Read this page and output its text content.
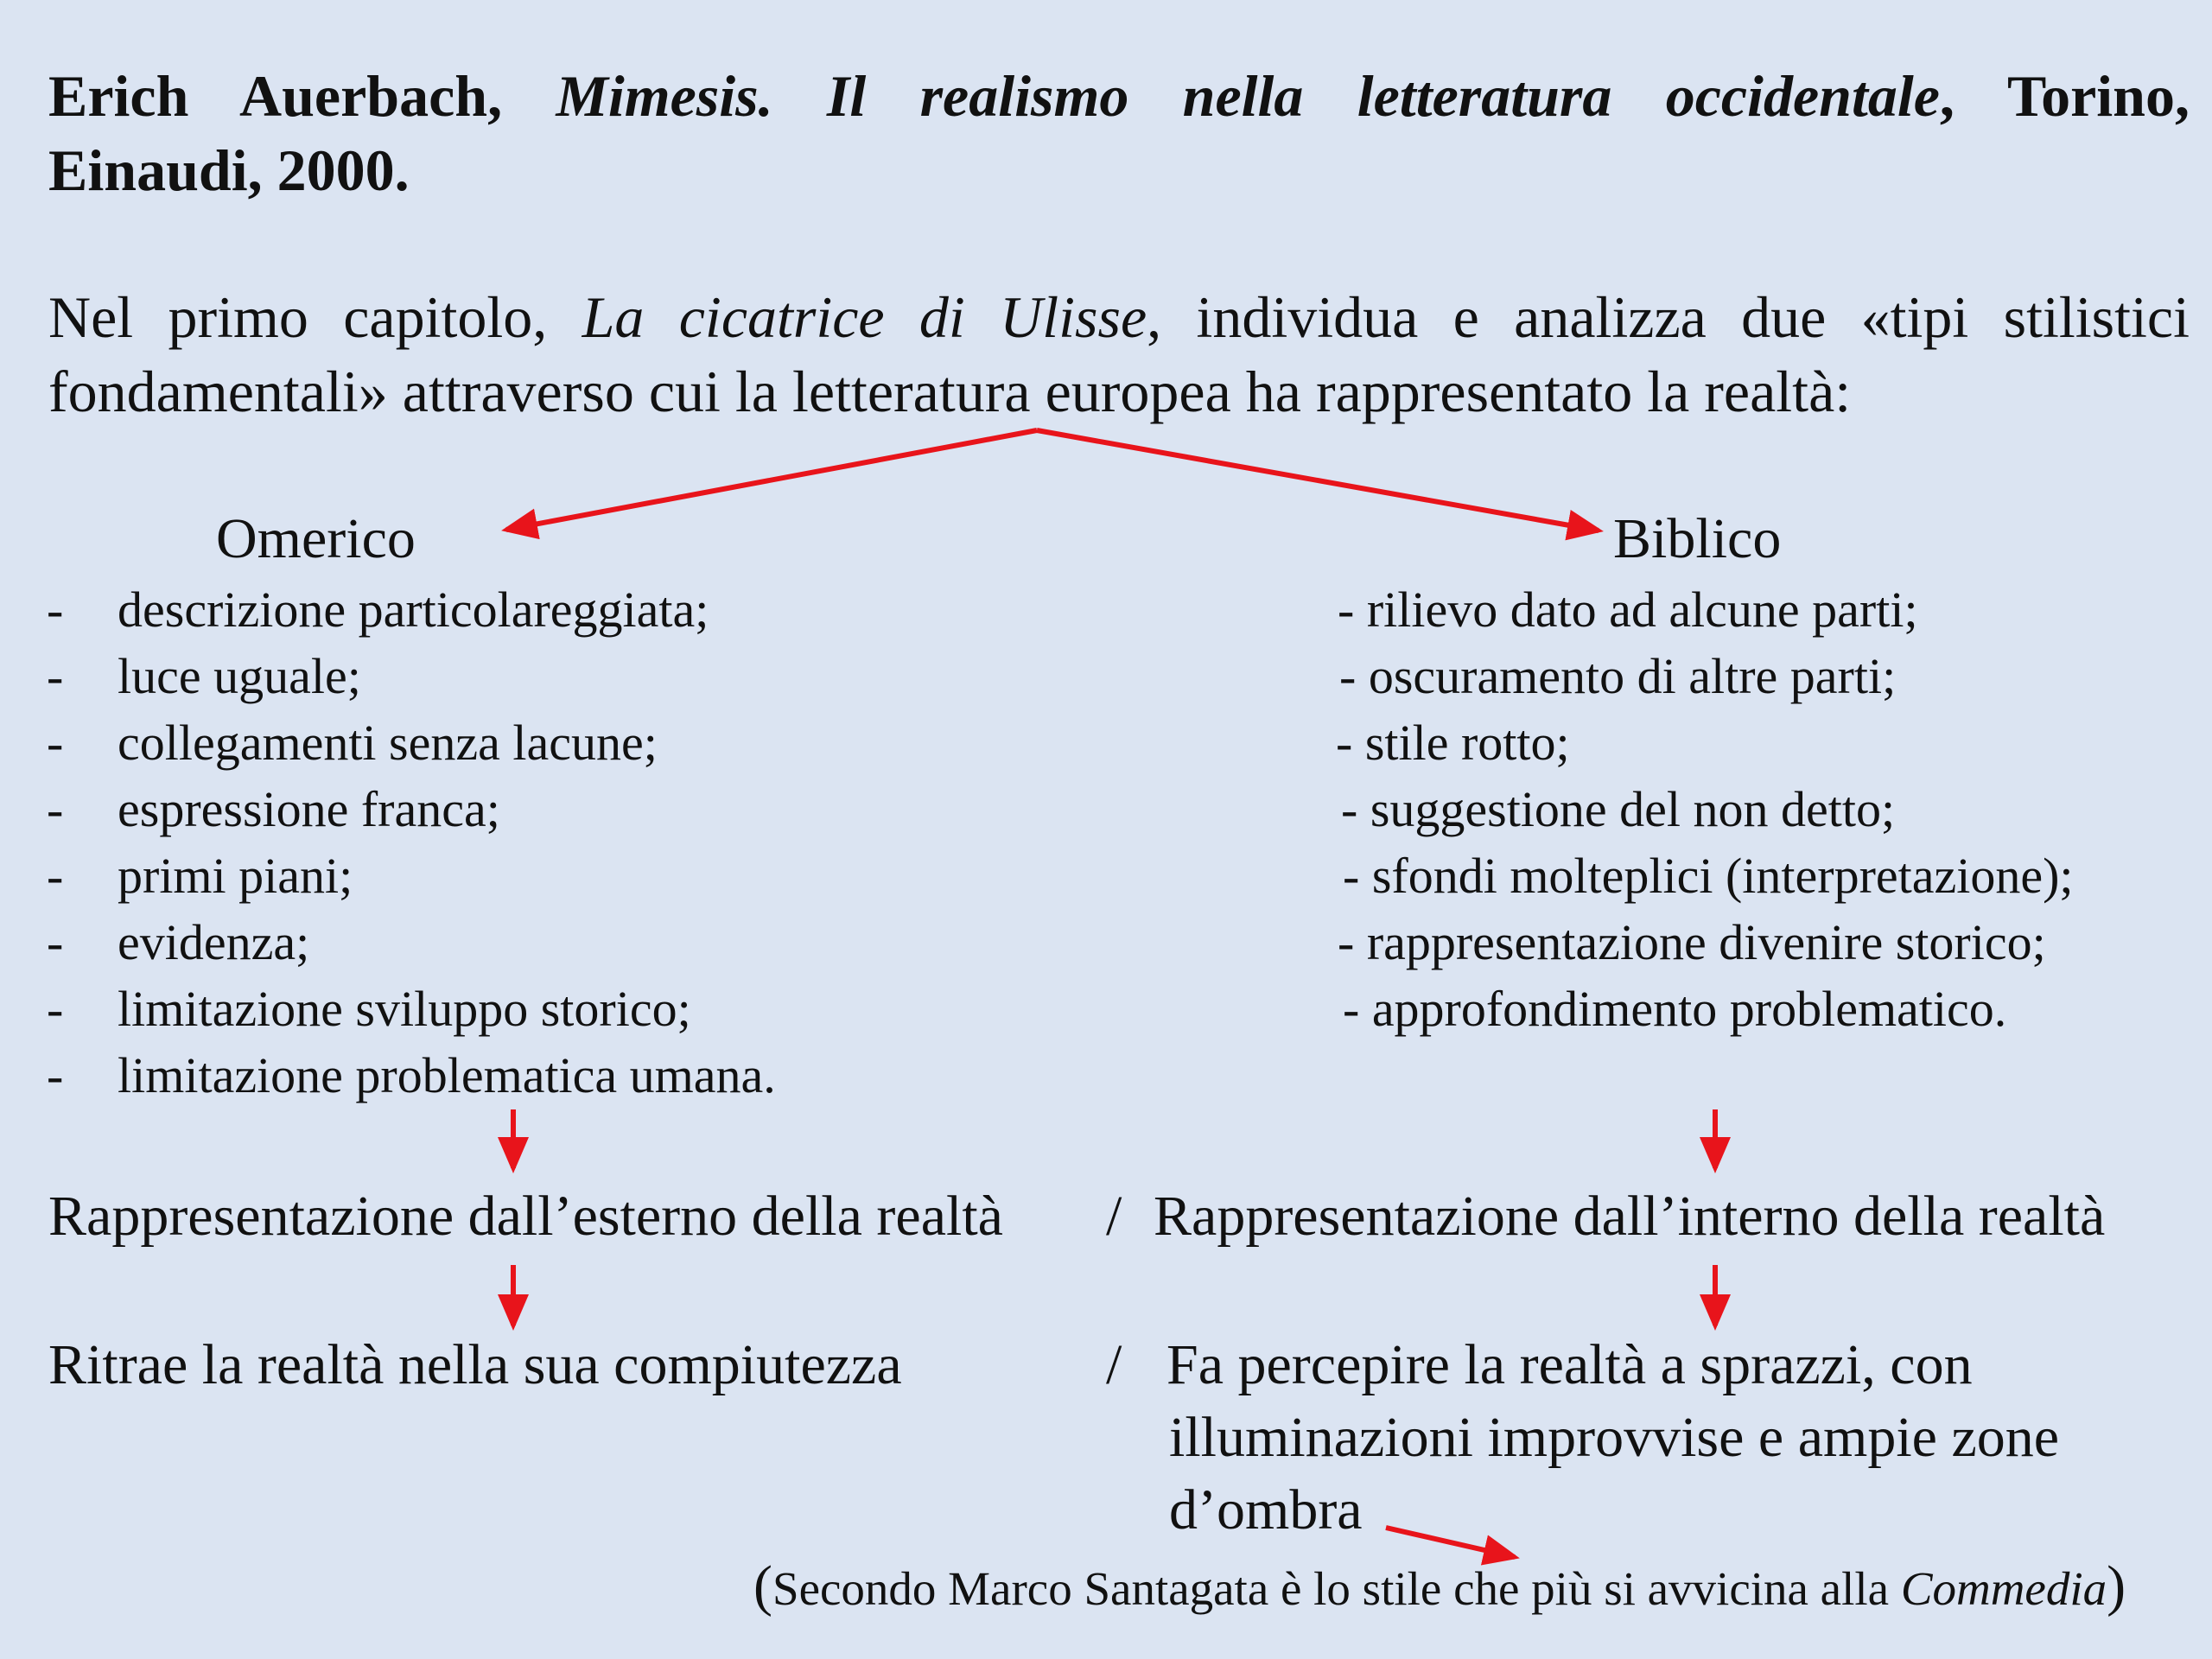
Erich Auerbach, Mimesis. Il realismo nella letteratura occidentale, Torino,
Einaudi, 2000.
Nel primo capitolo, La cicatrice di Ulisse, individua e analizza due «tipi stilistici
fondamentali» attraverso cui la letteratura europea ha rappresentato la realtà:
Omerico	Biblico
- descrizione particolareggiata;
- luce uguale;
- collegamenti senza lacune;
- espressione franca;
- primi piani;
- evidenza;
- limitazione sviluppo storico;
- limitazione problematica umana.
- rilievo dato ad alcune parti;
- oscuramento di altre parti;
- stile rotto;
- suggestione del non detto;
- sfondi molteplici (interpretazione);
- rappresentazione divenire storico;
- approfondimento problematico.
Rappresentazione dall’esterno della realtà / Rappresentazione dall’interno della realtà
Ritrae la realtà nella sua compiutezza	/ Fa percepire la realtà a sprazzi, con
illuminazioni improvvise e ampie zone
d’ombra
(Secondo Marco Santagata è lo stile che più si avvicina alla Commedia)
